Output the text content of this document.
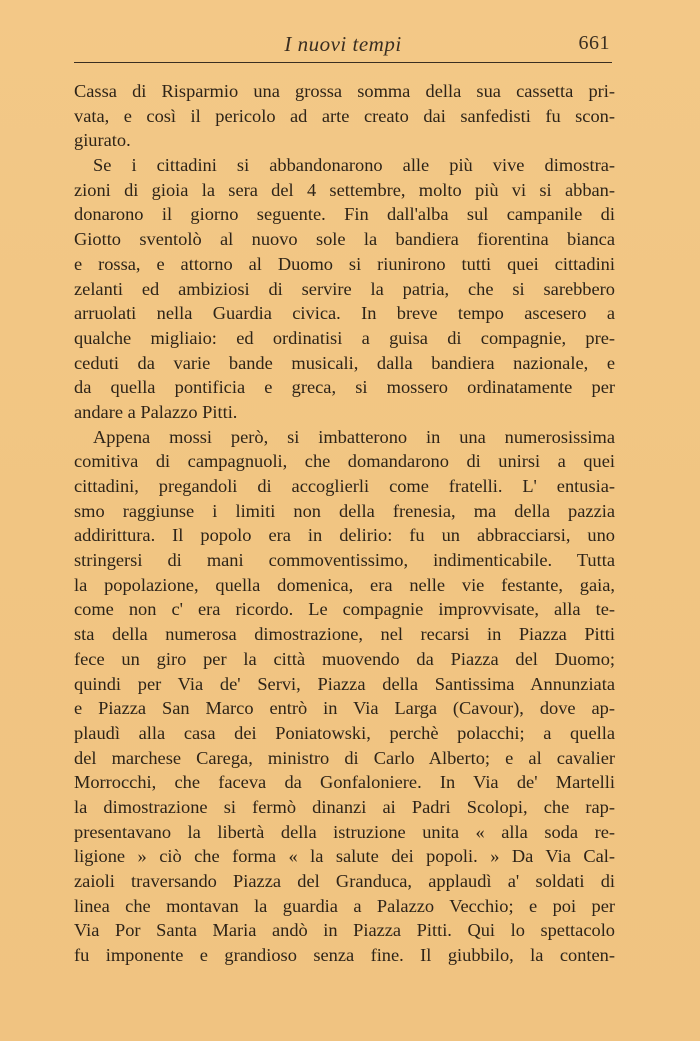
I nuovi tempi	661
Cassa di Risparmio una grossa somma della sua cassetta pri-
vata, e così il pericolo ad arte creato dai sanfedisti fu scon-
giurato.
Se i cittadini si abbandonarono alle più vive dimostra-
zioni di gioia la sera del 4 settembre, molto più vi si abban-
donarono il giorno seguente. Fin dall'alba sul campanile di
Giotto sventolò al nuovo sole la bandiera fiorentina bianca
e rossa, e attorno al Duomo si riunirono tutti quei cittadini
zelanti ed ambiziosi di servire la patria, che si sarebbero
arruolati nella Guardia civica. In breve tempo ascesero a
qualche migliaio: ed ordinatisi a guisa di compagnie, pre-
ceduti da varie bande musicali, dalla bandiera nazionale, e
da quella pontificia e greca, si mossero ordinatamente per
andare a Palazzo Pitti.
Appena mossi però, si imbatterono in una numerosissima
comitiva di campagnuoli, che domandarono di unirsi a quei
cittadini, pregandoli di accoglierli come fratelli. L' entusia-
smo raggiunse i limiti non della frenesia, ma della pazzia
addirittura. Il popolo era in delirio: fu un abbracciarsi, uno
stringersi di mani commoventissimo, indimenticabile. Tutta
la popolazione, quella domenica, era nelle vie festante, gaia,
come non c' era ricordo. Le compagnie improvvisate, alla te-
sta della numerosa dimostrazione, nel recarsi in Piazza Pitti
fece un giro per la città muovendo da Piazza del Duomo;
quindi per Via de' Servi, Piazza della Santissima Annunziata
e Piazza San Marco entrò in Via Larga (Cavour), dove ap-
plaudì alla casa dei Poniatowski, perchè polacchi; a quella
del marchese Carega, ministro di Carlo Alberto; e al cavalier
Morrocchi, che faceva da Gonfaloniere. In Via de' Martelli
la dimostrazione si fermò dinanzi ai Padri Scolopi, che rap-
presentavano la libertà della istruzione unita « alla soda re-
ligione » ciò che forma « la salute dei popoli. » Da Via Cal-
zaioli traversando Piazza del Granduca, applaudì a' soldati di
linea che montavan la guardia a Palazzo Vecchio; e poi per
Via Por Santa Maria andò in Piazza Pitti. Qui lo spettacolo
fu imponente e grandioso senza fine. Il giubbilo, la conten-
